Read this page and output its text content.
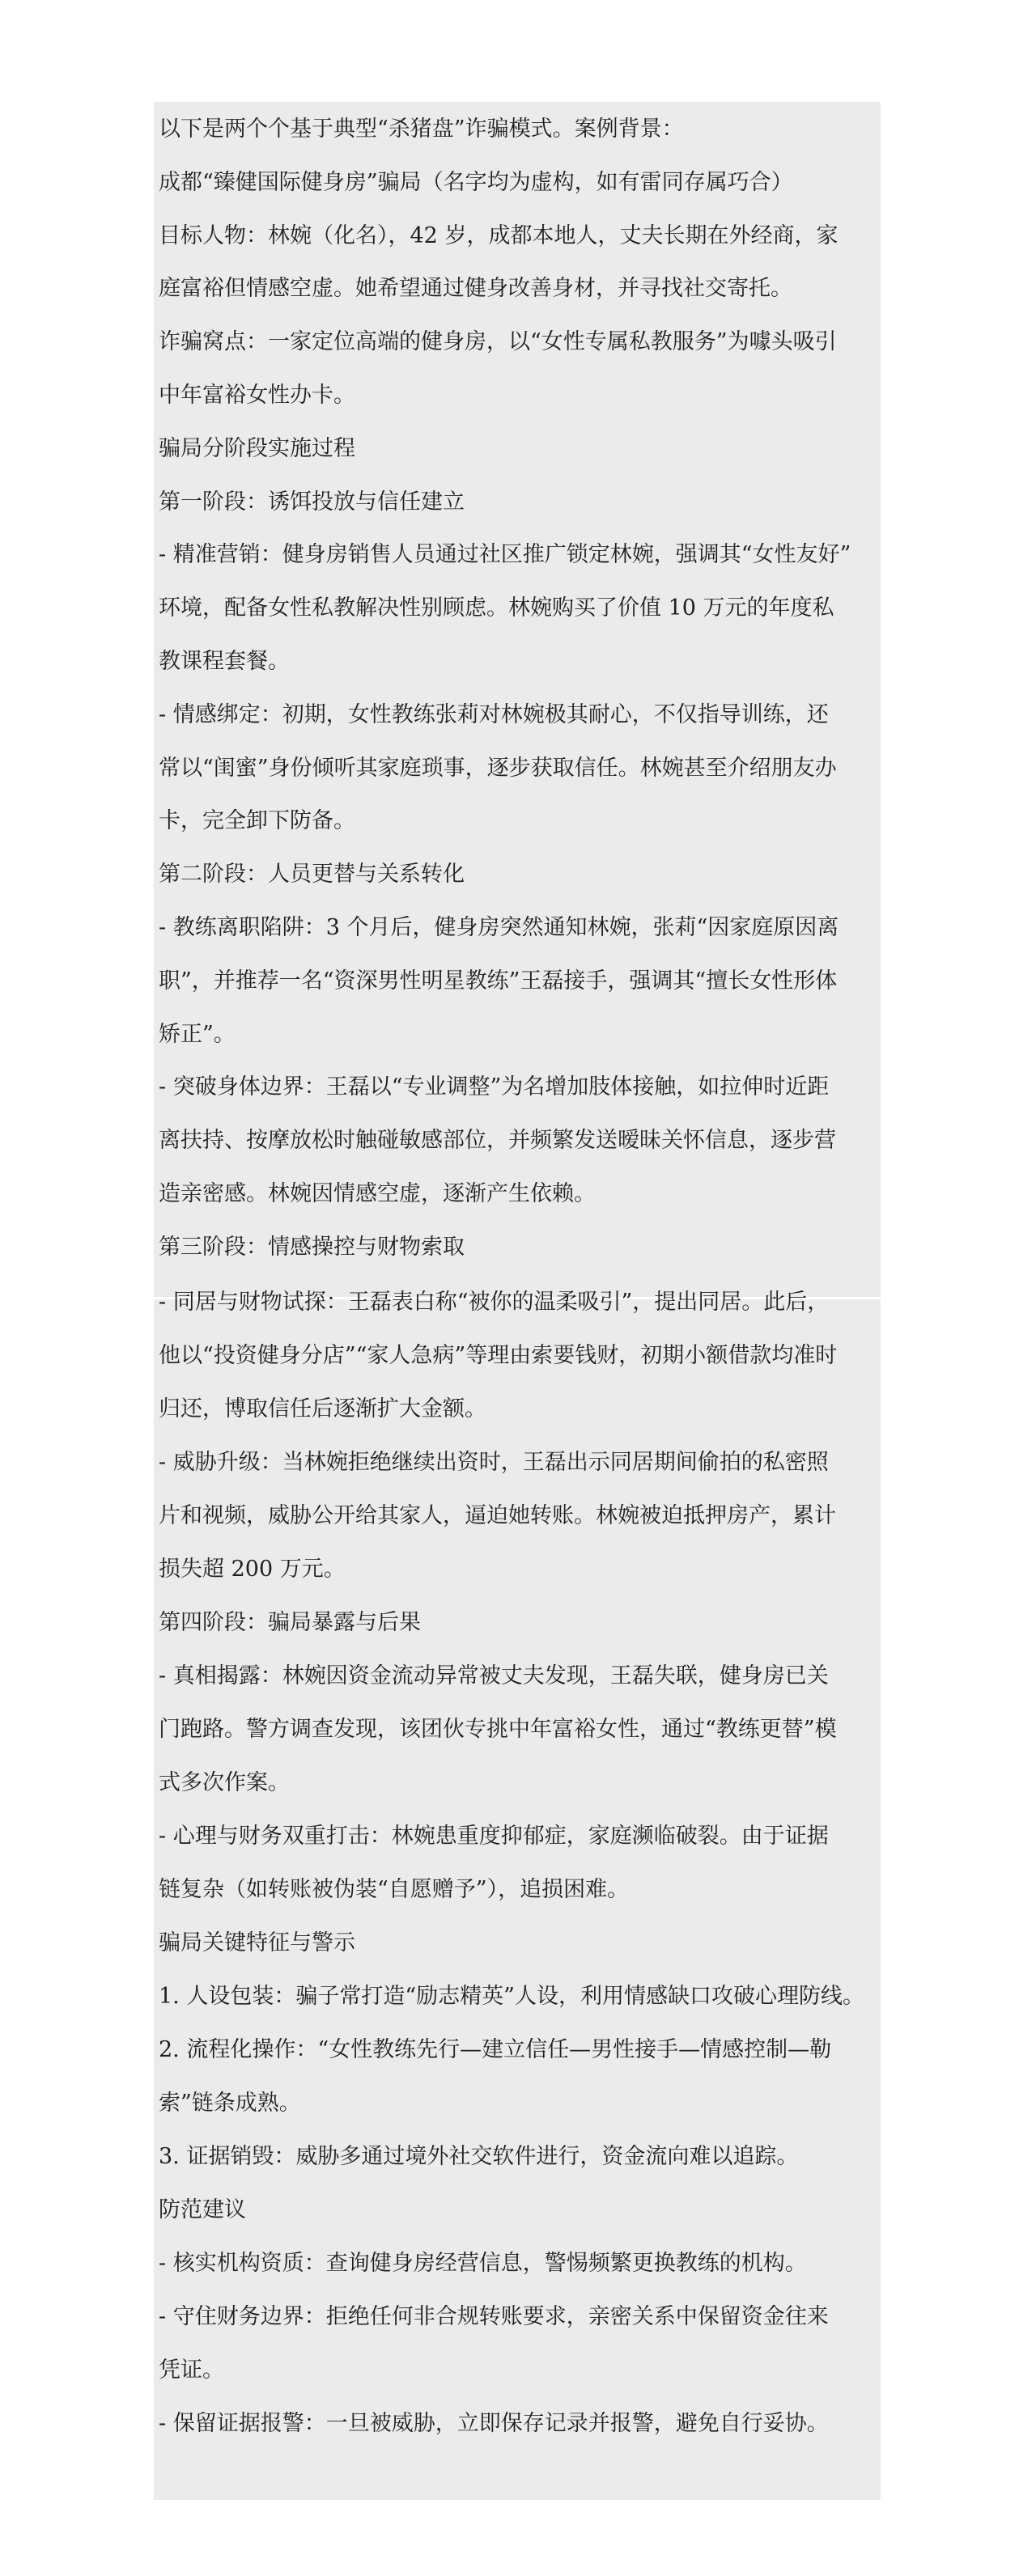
以下是两个个基于典型“杀猪盘”诈骗模式。案例背景：
成都“臻健国际健身房”骗局（名字均为虚构，如有雷同存属巧合）
目标人物：林婉（化名），42 岁，成都本地人，丈夫长期在外经商，家
庭富裕但情感空虚。她希望通过健身改善身材，并寻找社交寄托。
诈骗窝点：一家定位高端的健身房，以“女性专属私教服务”为噱头吸引
中年富裕女性办卡。
骗局分阶段实施过程
第一阶段：诱饵投放与信任建立
- 精准营销：健身房销售人员通过社区推广锁定林婉，强调其“女性友好”
环境，配备女性私教解决性别顾虑。林婉购买了价值 10 万元的年度私
教课程套餐。
- 情感绑定：初期，女性教练张莉对林婉极其耐心，不仅指导训练，还
常以“闺蜜”身份倾听其家庭琐事，逐步获取信任。林婉甚至介绍朋友办
卡，完全卸下防备。
第二阶段：人员更替与关系转化
- 教练离职陷阱：3 个月后，健身房突然通知林婉，张莉“因家庭原因离
职”，并推荐一名“资深男性明星教练”王磊接手，强调其“擅长女性形体
矫正”。
- 突破身体边界：王磊以“专业调整”为名增加肢体接触，如拉伸时近距
离扶持、按摩放松时触碰敏感部位，并频繁发送暧昧关怀信息，逐步营
造亲密感。林婉因情感空虚，逐渐产生依赖。
第三阶段：情感操控与财物索取
- 同居与财物试探：王磊表白称“被你的温柔吸引”，提出同居。此后，
他以“投资健身分店”“家人急病”等理由索要钱财，初期小额借款均准时
归还，博取信任后逐渐扩大金额。
- 威胁升级：当林婉拒绝继续出资时，王磊出示同居期间偷拍的私密照
片和视频，威胁公开给其家人，逼迫她转账。林婉被迫抵押房产，累计
损失超 200 万元。
第四阶段：骗局暴露与后果
- 真相揭露：林婉因资金流动异常被丈夫发现，王磊失联，健身房已关
门跑路。警方调查发现，该团伙专挑中年富裕女性，通过“教练更替”模
式多次作案。
- 心理与财务双重打击：林婉患重度抑郁症，家庭濒临破裂。由于证据
链复杂（如转账被伪装“自愿赠予”），追损困难。
骗局关键特征与警示
1. 人设包装：骗子常打造“励志精英”人设，利用情感缺口攻破心理防线。
2. 流程化操作：“女性教练先行—建立信任—男性接手—情感控制—勒
索”链条成熟。
3. 证据销毁：威胁多通过境外社交软件进行，资金流向难以追踪。
防范建议
- 核实机构资质：查询健身房经营信息，警惕频繁更换教练的机构。
- 守住财务边界：拒绝任何非合规转账要求，亲密关系中保留资金往来
凭证。
- 保留证据报警：一旦被威胁，立即保存记录并报警，避免自行妥协。
